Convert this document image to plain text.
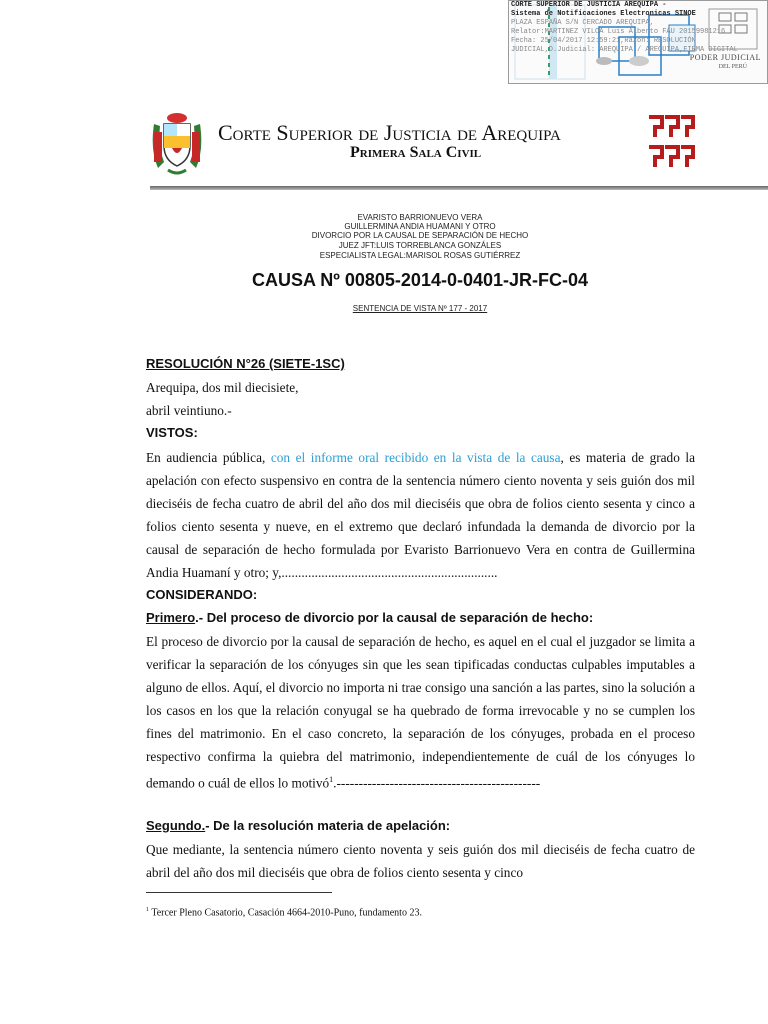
CORTE SUPERIOR DE JUSTICIA AREQUIPA -
Sistema de Notificaciones Electronicas SINOE
PLAZA ESPAÑA S/N CERCADO AREQUIPA,
Relator:MARTINEZ VILCA Luis Alberto FAU 20159981216
Fecha: 25/04/2017 12:59:21,Razón: RESOLUCIÓN
JUDICIAL,D.Judicial: AREQUIPA / AREQUIPA,FIRMA DIGITAL
PODER JUDICIAL
DEL PERÚ
Corte Superior de Justicia de Arequipa
Primera Sala Civil
EVARISTO BARRIONUEVO VERA
GUILLERMINA ANDIA HUAMANI Y OTRO
DIVORCIO POR LA CAUSAL DE SEPARACIÓN DE HECHO
JUEZ JFT:LUIS TORREBLANCA GONZÁLES
ESPECIALISTA LEGAL:MARISOL ROSAS GUTIÉRREZ
CAUSA Nº 00805-2014-0-0401-JR-FC-04
SENTENCIA DE VISTA Nº 177 - 2017
RESOLUCIÓN N°26 (SIETE-1SC)
Arequipa, dos mil diecisiete,
abril veintiuno.-
VISTOS:
En audiencia pública, con el informe oral recibido en la vista de la causa, es materia de grado la apelación con efecto suspensivo en contra de la sentencia número ciento noventa y seis guión dos mil dieciséis de fecha cuatro de abril del año dos mil dieciséis que obra de folios ciento sesenta y cinco a folios ciento sesenta y nueve, en el extremo que declaró infundada la demanda de divorcio por la causal de separación de hecho formulada por Evaristo Barrionuevo Vera en contra de Guillermina Andia Huamaní y otro; y,.................................................................
CONSIDERANDO:
Primero.- Del proceso de divorcio por la causal de separación de hecho:
El proceso de divorcio por la causal de separación de hecho, es aquel en el cual el juzgador se limita a verificar la separación de los cónyuges sin que les sean tipificadas conductas culpables imputables a alguno de ellos. Aquí, el divorcio no importa ni trae consigo una sanción a las partes, sino la solución a los casos en los que la relación conyugal se ha quebrado de forma irrevocable y no se cumplen los fines del matrimonio. En el caso concreto, la separación de los cónyuges, probada en el proceso respectivo confirma la quiebra del matrimonio, independientemente de cuál de los cónyuges lo demando o cuál de ellos lo motivó$^1$.----------------------------------------------
Segundo.- De la resolución materia de apelación:
Que mediante, la sentencia número ciento noventa y seis guión dos mil dieciséis de fecha cuatro de abril del año dos mil dieciséis que obra de folios ciento sesenta y cinco
$^1$ Tercer Pleno Casatorio, Casación 4664-2010-Puno, fundamento 23.
